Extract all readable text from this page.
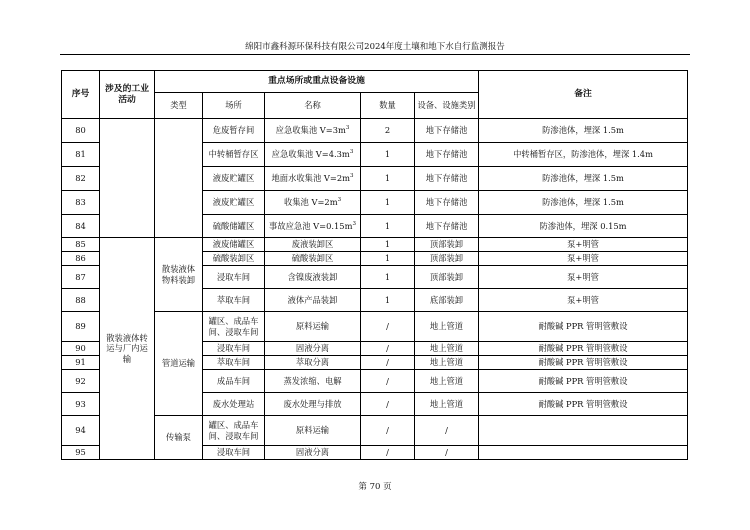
绵阳市鑫科源环保科技有限公司2024年度土壤和地下水自行监测报告
序号	涉及的工业活动	重点场所或重点设备设施					备注
		类型	场所	名称	数量	设备、设施类别	
80			危废暂存间	应急收集池 $V=3m^3$	2	地下存储池	防渗池体，埋深 1.5m
81			中转桶暂存区	应急收集池 $V=4.3m^3$	1	地下存储池	中转桶暂存区，防渗池体，埋深 1.4m
82			液废贮罐区	地面水收集池 $V=2m^3$	1	地下存储池	防渗池体，埋深 1.5m
83			液废贮罐区	收集池 $V=2m^3$	1	地下存储池	防渗池体，埋深 1.5m
84			硫酸储罐区	事故应急池 $V=0.15m^3$	1	地下存储池	防渗池体，埋深 0.15m
85	散装液体转运与厂内运输	散装液体物料装卸	液废储罐区	废液装卸区	1	顶部装卸	泵+明管
86			硫酸装卸区	硫酸装卸区	1	顶部装卸	泵+明管
87			浸取车间	含镍废液装卸	1	顶部装卸	泵+明管
88			萃取车间	液体产品装卸	1	底部装卸	泵+明管
89		管道运输	罐区、成品车间、浸取车间	原料运输	/	地上管道	耐酸碱 PPR 管明管敷设
90			浸取车间	固液分离	/	地上管道	耐酸碱 PPR 管明管敷设
91			萃取车间	萃取分离	/	地上管道	耐酸碱 PPR 管明管敷设
92			成品车间	蒸发浓缩、电解	/	地上管道	耐酸碱 PPR 管明管敷设
93			废水处理站	废水处理与排放	/	地上管道	耐酸碱 PPR 管明管敷设
94		传输泵	罐区、成品车间、浸取车间	原料运输	/	/	
95			浸取车间	固液分离	/	/	
第 70 页
